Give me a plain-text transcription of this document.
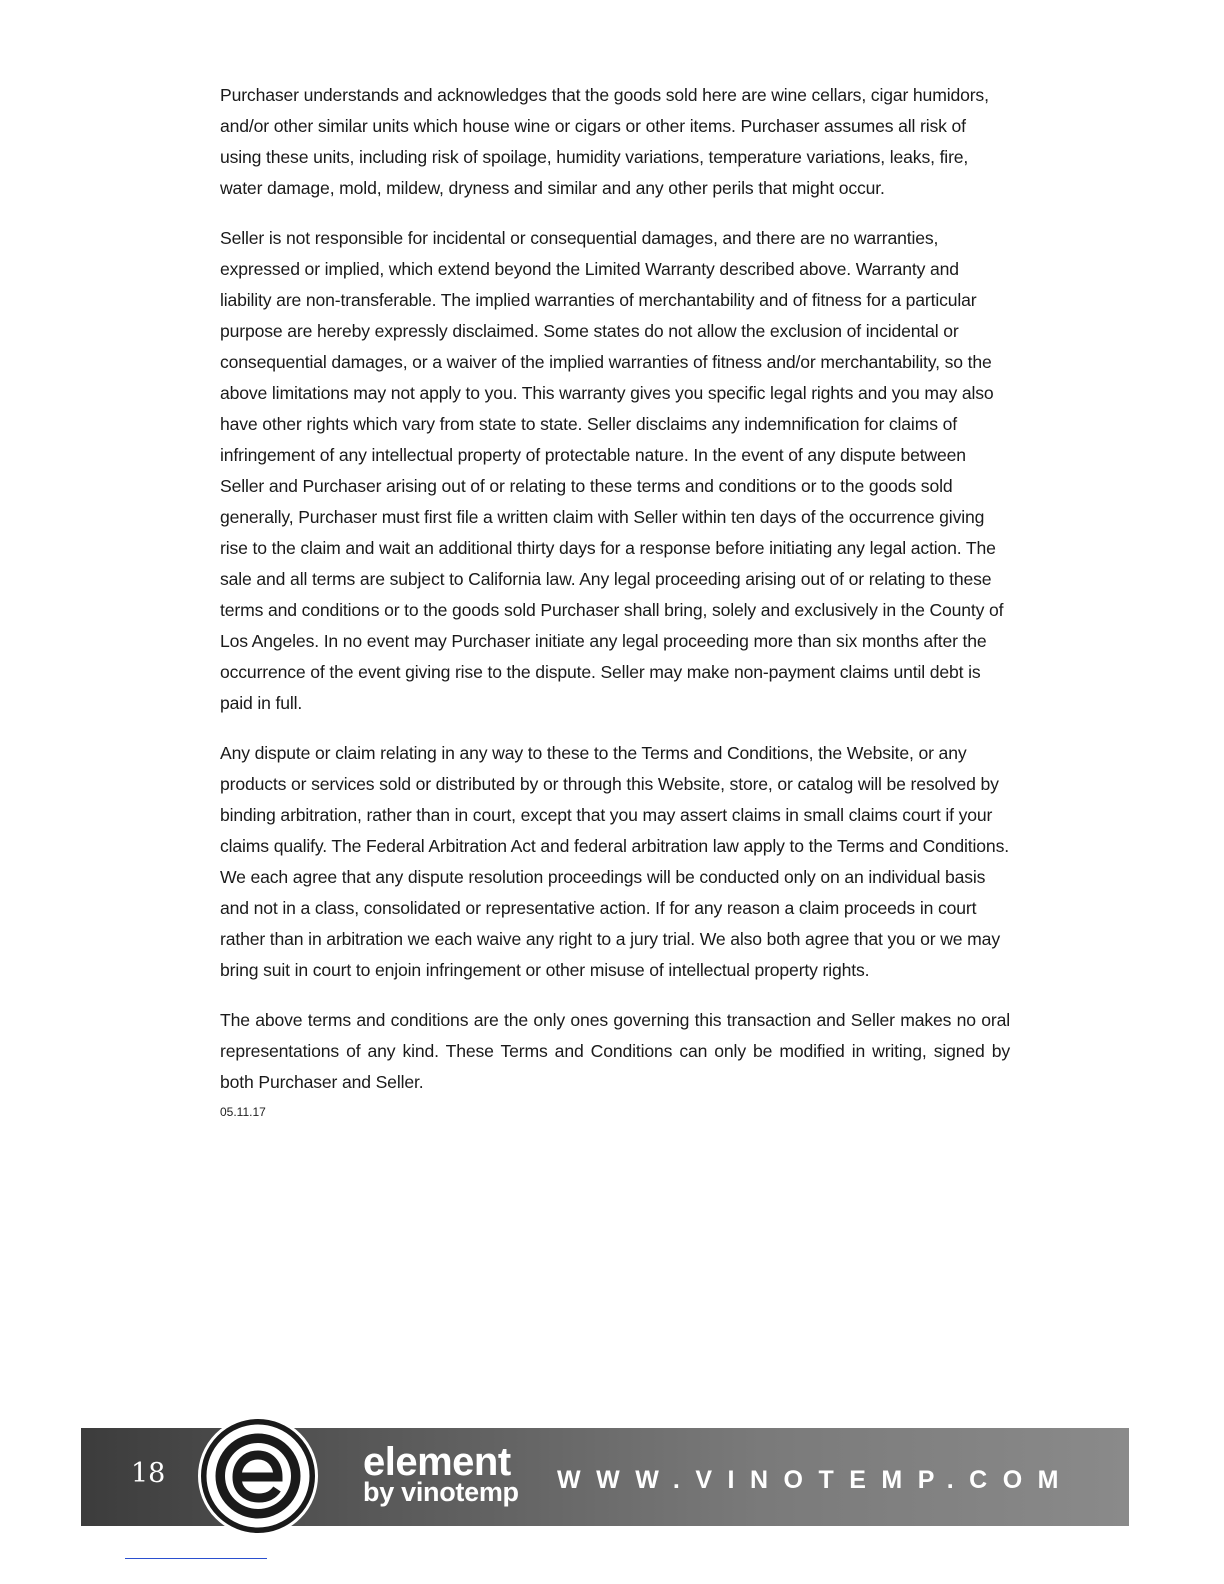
Purchaser understands and acknowledges that the goods sold here are wine cellars, cigar humidors, and/or other similar units which house wine or cigars or other items. Purchaser assumes all risk of using these units, including risk of spoilage, humidity variations, temperature variations, leaks, fire, water damage, mold, mildew, dryness and similar and any other perils that might occur.

Seller is not responsible for incidental or consequential damages, and there are no warranties, expressed or implied, which extend beyond the Limited Warranty described above. Warranty and liability are non-transferable. The implied warranties of merchantability and of fitness for a particular purpose are hereby expressly disclaimed. Some states do not allow the exclusion of incidental or consequential damages, or a waiver of the implied warranties of fitness and/or merchantability, so the above limitations may not apply to you. This warranty gives you specific legal rights and you may also have other rights which vary from state to state. Seller disclaims any indemnification for claims of infringement of any intellectual property of protectable nature. In the event of any dispute between Seller and Purchaser arising out of or relating to these terms and conditions or to the goods sold generally, Purchaser must first file a written claim with Seller within ten days of the occurrence giving rise to the claim and wait an additional thirty days for a response before initiating any legal action. The sale and all terms are subject to California law. Any legal proceeding arising out of or relating to these terms and conditions or to the goods sold Purchaser shall bring, solely and exclusively in the County of Los Angeles. In no event may Purchaser initiate any legal proceeding more than six months after the occurrence of the event giving rise to the dispute. Seller may make non-payment claims until debt is paid in full.

Any dispute or claim relating in any way to these to the Terms and Conditions, the Website, or any products or services sold or distributed by or through this Website, store, or catalog will be resolved by binding arbitration, rather than in court, except that you may assert claims in small claims court if your claims qualify. The Federal Arbitration Act and federal arbitration law apply to the Terms and Conditions. We each agree that any dispute resolution proceedings will be conducted only on an individual basis and not in a class, consolidated or representative action. If for any reason a claim proceeds in court rather than in arbitration we each waive any right to a jury trial. We also both agree that you or we may bring suit in court to enjoin infringement or other misuse of intellectual property rights.

The above terms and conditions are the only ones governing this transaction and Seller makes no oral representations of any kind. These Terms and Conditions can only be modified in writing, signed by both Purchaser and Seller.

05.11.17
18	element
by vinotemp WWW.VINOTEMP.COM
